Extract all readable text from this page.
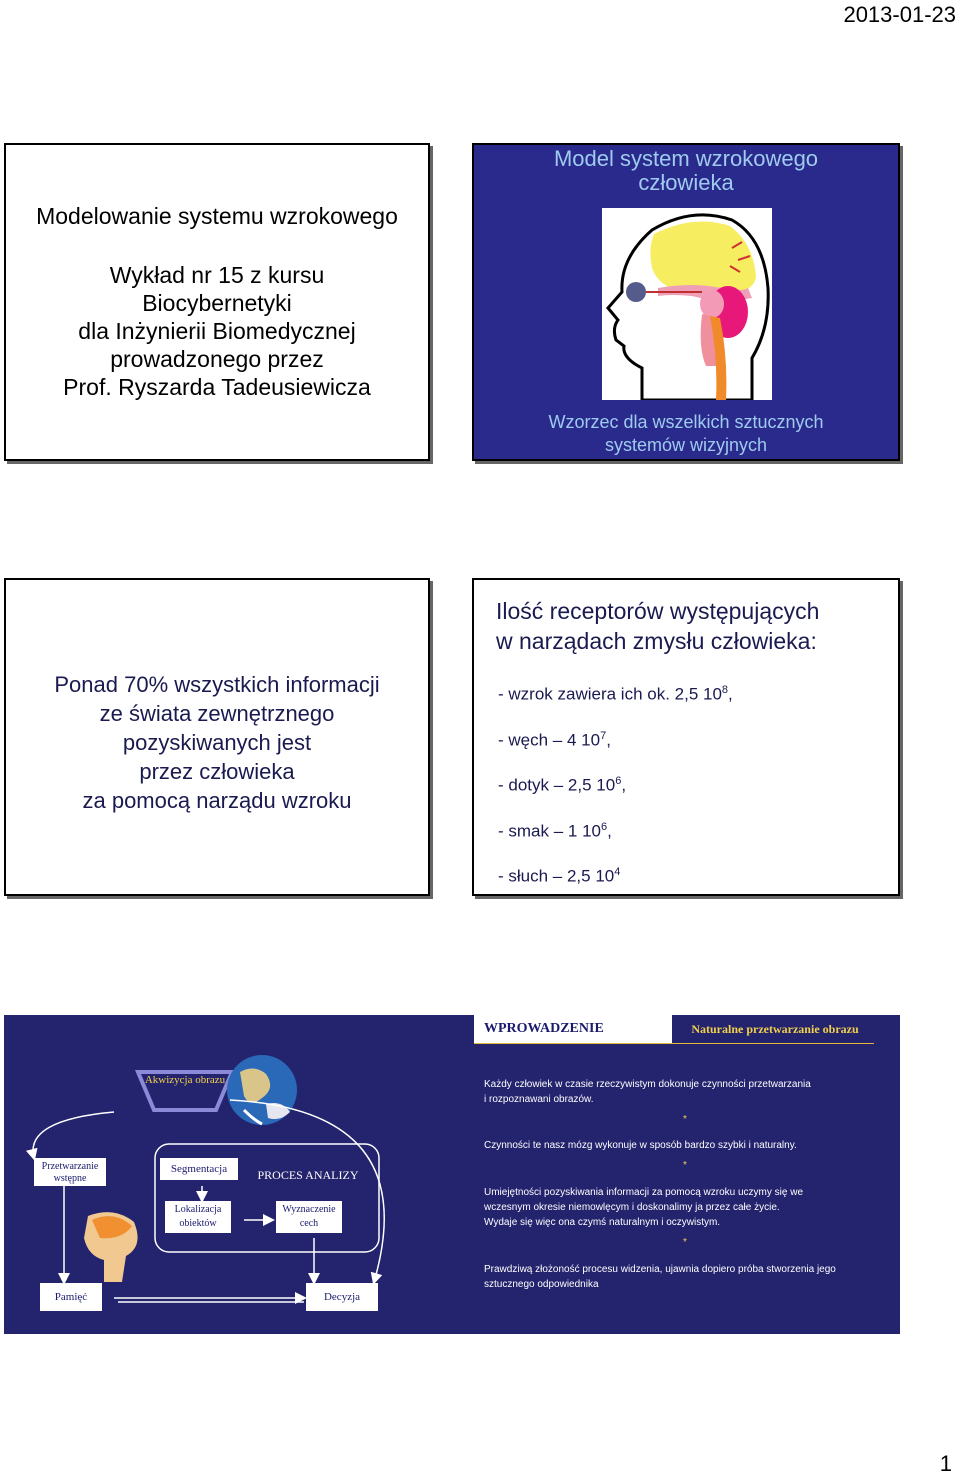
2013-01-23
Modelowanie systemu wzrokowego
Wykład nr 15 z kursu
Biocybernetyki
dla Inżynierii Biomedycznej
prowadzonego przez
Prof. Ryszarda Tadeusiewicza
Model system wzrokowego
człowieka
Wzorzec dla wszelkich sztucznych
systemów wizyjnych
Ponad 70% wszystkich informacji
ze świata zewnętrznego
pozyskiwanych jest
przez człowieka
za pomocą narządu wzroku
Ilość receptorów występujących
w narządach zmysłu człowieka:
- wzrok zawiera ich ok. 2,5 $10^8$,
- węch – 4 $10^7$,
- dotyk – 2,5 $10^6$,
- smak – 1 $10^6$,
- słuch – 2,5 $10^4$
WPROWADZENIE	Naturalne przetwarzanie obrazu
Akwizycja obrazu
Przetwarzanie wstępne
Segmentacja	PROCES ANALIZY
Lokalizacja obiektów
Wyznaczenie cech
Pamięć	Decyzja
Każdy człowiek w czasie rzeczywistym dokonuje czynności przetwarzania
i rozpoznawani obrazów.
*
Czynności te nasz mózg wykonuje w sposób bardzo szybki i naturalny.
*
Umiejętności pozyskiwania informacji za pomocą wzroku uczymy się we
wczesnym okresie niemowlęcym i doskonalimy ja przez całe życie.
Wydaje się więc ona czymś naturalnym i oczywistym.
*
Prawdziwą złożoność procesu widzenia, ujawnia dopiero próba stworzenia jego
sztucznego odpowiednika
1
